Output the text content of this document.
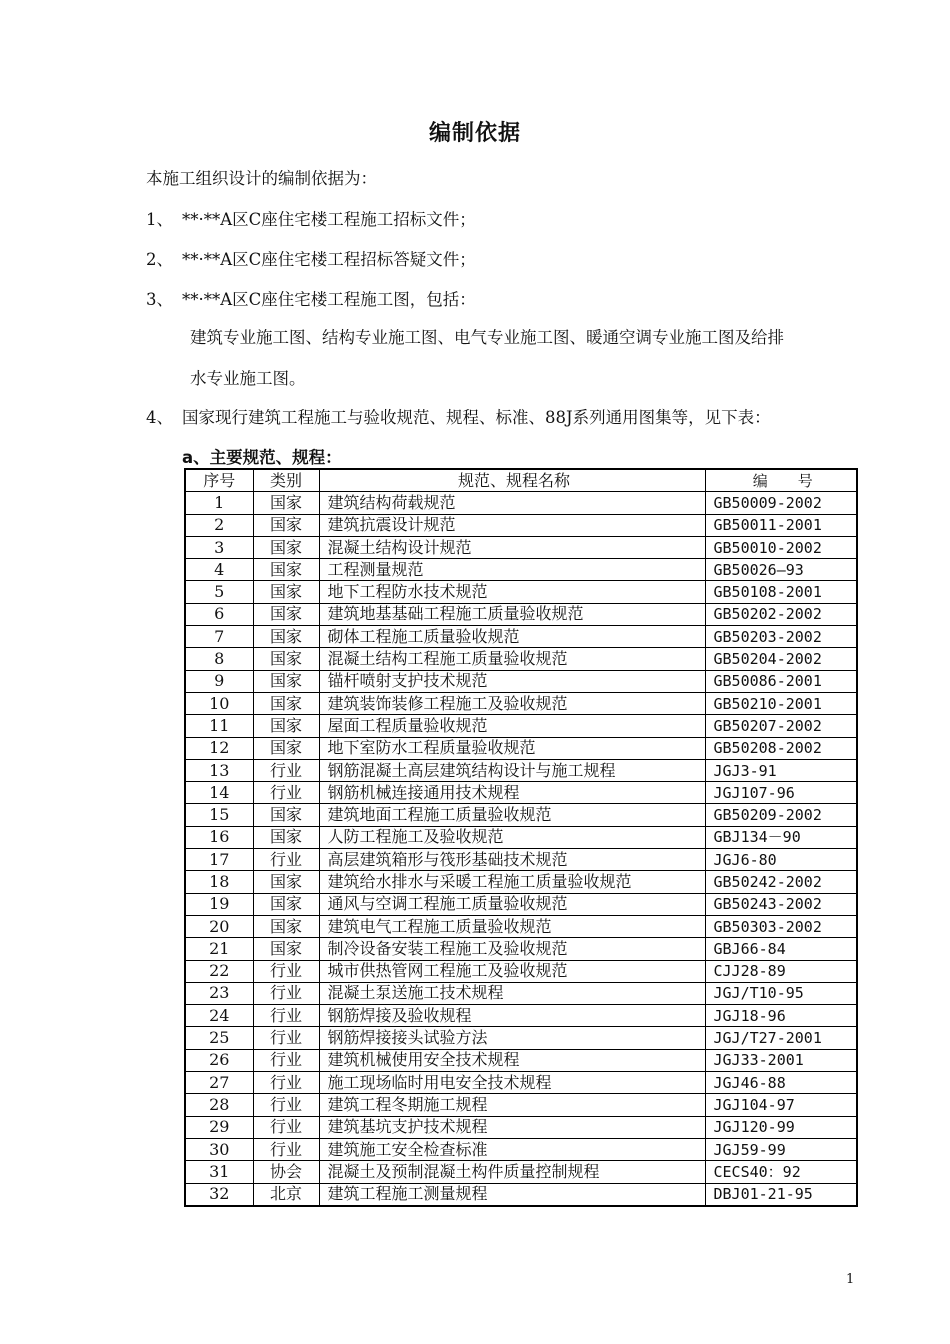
编制依据
本施工组织设计的编制依据为：
1、 **·**A区C座住宅楼工程施工招标文件；
2、 **·**A区C座住宅楼工程招标答疑文件；
3、 **·**A区C座住宅楼工程施工图，包括：
建筑专业施工图、结构专业施工图、电气专业施工图、暖通空调专业施工图及给排
水专业施工图。
4、 国家现行建筑工程施工与验收规范、规程、标准、88J系列通用图集等，见下表：
a、主要规范、规程：
序号	类别	规范、规程名称	编　　号
1	国家	建筑结构荷载规范	GB50009-2002
2	国家	建筑抗震设计规范	GB50011-2001
3	国家	混凝土结构设计规范	GB50010-2002
4	国家	工程测量规范	GB50026—93
5	国家	地下工程防水技术规范	GB50108-2001
6	国家	建筑地基基础工程施工质量验收规范	GB50202-2002
7	国家	砌体工程施工质量验收规范	GB50203-2002
8	国家	混凝土结构工程施工质量验收规范	GB50204-2002
9	国家	锚杆喷射支护技术规范	GB50086-2001
10	国家	建筑装饰装修工程施工及验收规范	GB50210-2001
11	国家	屋面工程质量验收规范	GB50207-2002
12	国家	地下室防水工程质量验收规范	GB50208-2002
13	行业	钢筋混凝土高层建筑结构设计与施工规程	JGJ3-91
14	行业	钢筋机械连接通用技术规程	JGJ107-96
15	国家	建筑地面工程施工质量验收规范	GB50209-2002
16	国家	人防工程施工及验收规范	GBJ134－90
17	行业	高层建筑箱形与筏形基础技术规范	JGJ6-80
18	国家	建筑给水排水与采暖工程施工质量验收规范	GB50242-2002
19	国家	通风与空调工程施工质量验收规范	GB50243-2002
20	国家	建筑电气工程施工质量验收规范	GB50303-2002
21	国家	制冷设备安装工程施工及验收规范	GBJ66-84
22	行业	城市供热管网工程施工及验收规范	CJJ28-89
23	行业	混凝土泵送施工技术规程	JGJ/T10-95
24	行业	钢筋焊接及验收规程	JGJ18-96
25	行业	钢筋焊接接头试验方法	JGJ/T27-2001
26	行业	建筑机械使用安全技术规程	JGJ33-2001
27	行业	施工现场临时用电安全技术规程	JGJ46-88
28	行业	建筑工程冬期施工规程	JGJ104-97
29	行业	建筑基坑支护技术规程	JGJ120-99
30	行业	建筑施工安全检查标准	JGJ59-99
31	协会	混凝土及预制混凝土构件质量控制规程	CECS40：92
32	北京	建筑工程施工测量规程	DBJ01-21-95
1
